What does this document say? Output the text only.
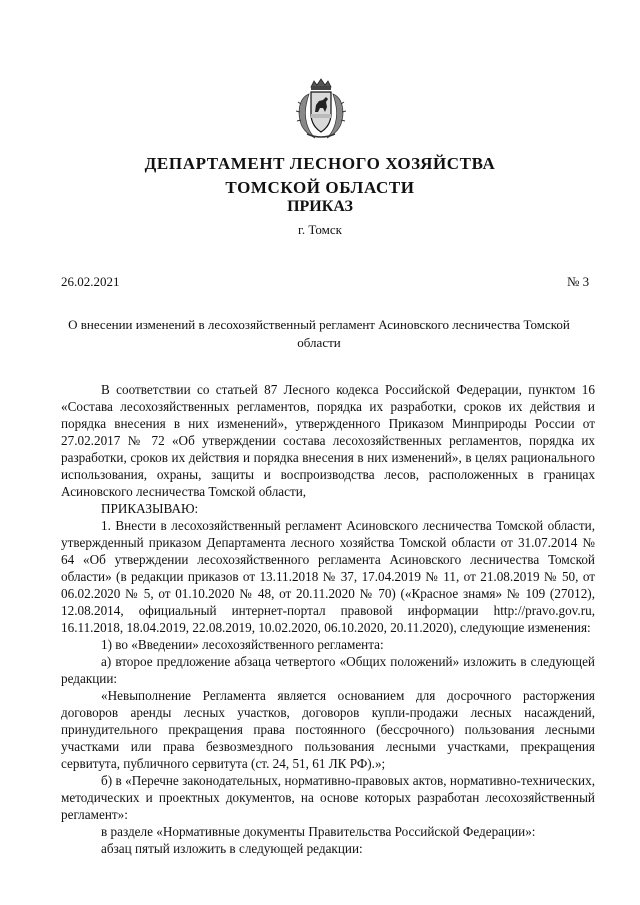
ДЕПАРТАМЕНТ ЛЕСНОГО ХОЗЯЙСТВА
ТОМСКОЙ ОБЛАСТИ
ПРИКАЗ
г. Томск
26.02.2021	№ 3
О внесении изменений в лесохозяйственный регламент Асиновского лесничества Томской области

В соответствии со статьей 87 Лесного кодекса Российской Федерации, пунктом 16 «Состава лесохозяйственных регламентов, порядка их разработки, сроков их действия и порядка внесения в них изменений», утвержденного Приказом Минприроды России от 27.02.2017 № 72 «Об утверждении состава лесохозяйственных регламентов, порядка их разработки, сроков их действия и порядка внесения в них изменений», в целях рационального использования, охраны, защиты и воспроизводства лесов, расположенных в границах Асиновского лесничества Томской области,

ПРИКАЗЫВАЮ:

1. Внести в лесохозяйственный регламент Асиновского лесничества Томской области, утвержденный приказом Департамента лесного хозяйства Томской области от 31.07.2014 № 64 «Об утверждении лесохозяйственного регламента Асиновского лесничества Томской области» (в редакции приказов от 13.11.2018 № 37, 17.04.2019 № 11, от 21.08.2019 № 50, от 06.02.2020 № 5, от 01.10.2020 № 48, от 20.11.2020 № 70) («Красное знамя» № 109 (27012), 12.08.2014, официальный интернет-портал правовой информации http://pravo.gov.ru, 16.11.2018, 18.04.2019, 22.08.2019, 10.02.2020, 06.10.2020, 20.11.2020), следующие изменения:

1) во «Введении» лесохозяйственного регламента:

а) второе предложение абзаца четвертого «Общих положений» изложить в следующей редакции:

«Невыполнение Регламента является основанием для досрочного расторжения договоров аренды лесных участков, договоров купли-продажи лесных насаждений, принудительного прекращения права постоянного (бессрочного) пользования лесными участками или права безвозмездного пользования лесными участками, прекращения сервитута, публичного сервитута (ст. 24, 51, 61 ЛК РФ).»;

б) в «Перечне законодательных, нормативно-правовых актов, нормативно-технических, методических и проектных документов, на основе которых разработан лесохозяйственный регламент»:

в разделе «Нормативные документы Правительства Российской Федерации»:

абзац пятый изложить в следующей редакции:
